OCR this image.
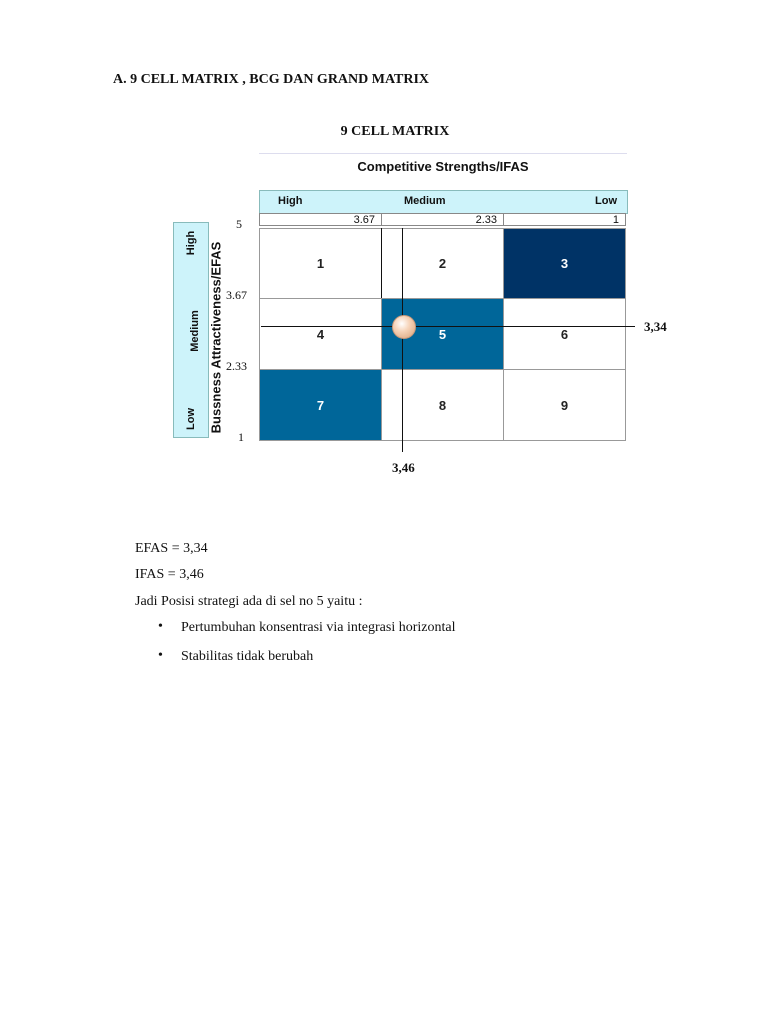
A. 9 CELL MATRIX , BCG DAN GRAND MATRIX
9 CELL MATRIX
Competitive Strengths/IFAS
High	Medium	Low
3.67	2.33	1
1	2	3
4	5	6
7	8	9
High
Medium
Low Bussness Attractiveness/EFAS
5
3.67
2.33
1
3,34
3,46
EFAS = 3,34
IFAS = 3,46
Jadi Posisi strategi ada di sel no 5 yaitu :
• Pertumbuhan konsentrasi via integrasi horizontal
• Stabilitas tidak berubah
